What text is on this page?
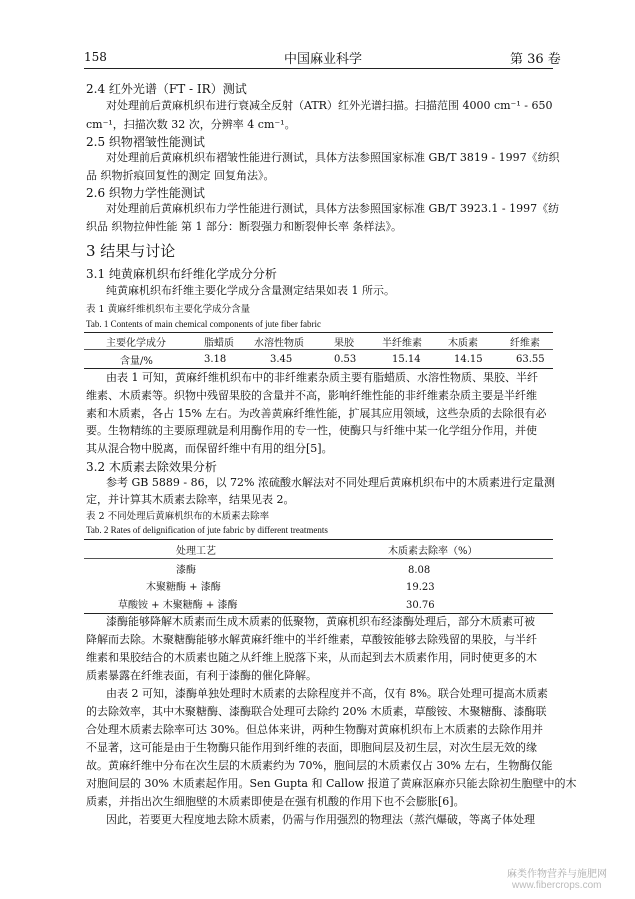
158	中国麻业科学	第 36 卷
2.4 红外光谱（FT - IR）测试
对处理前后黄麻机织布进行衰减全反射（ATR）红外光谱扫描。扫描范围 4000 cm⁻¹ - 650
cm⁻¹，扫描次数 32 次，分辨率 4 cm⁻¹。
2.5 织物褶皱性能测试
对处理前后黄麻机织布褶皱性能进行测试，具体方法参照国家标准 GB/T 3819 - 1997《纺织
品 织物折痕回复性的测定 回复角法》。
2.6 织物力学性能测试
对处理前后黄麻机织布力学性能进行测试，具体方法参照国家标准 GB/T 3923.1 - 1997《纺
织品 织物拉伸性能 第 1 部分：断裂强力和断裂伸长率 条样法》。
3 结果与讨论
3.1 纯黄麻机织布纤维化学成分分析
纯黄麻机织布纤维主要化学成分含量测定结果如表 1 所示。
表 1 黄麻纤维机织布主要化学成分含量
Tab. 1 Contents of main chemical components of jute fiber fabric
主要化学成分	脂蜡质 水溶性物质	果胶	半纤维素	木质素	纤维素
含量/%	3.18	3.45	0.53	15.14	14.15	63.55
由表 1 可知，黄麻纤维机织布中的非纤维素杂质主要有脂蜡质、水溶性物质、果胶、半纤
维素、木质素等。织物中残留果胶的含量并不高，影响纤维性能的非纤维素杂质主要是半纤维
素和木质素，各占 15% 左右。为改善黄麻纤维性能，扩展其应用领域，这些杂质的去除很有必
要。生物精练的主要原理就是利用酶作用的专一性，使酶只与纤维中某一化学组分作用，并使
其从混合物中脱离，而保留纤维中有用的组分[5]。
3.2 木质素去除效果分析
参考 GB 5889 - 86，以 72% 浓硫酸水解法对不同处理后黄麻机织布中的木质素进行定量测
定，并计算其木质素去除率，结果见表 2。
表 2 不同处理后黄麻机织布的木质素去除率
Tab. 2 Rates of delignification of jute fabric by different treatments
处理工艺	木质素去除率（%）
漆酶	8.08
木聚糖酶 + 漆酶	19.23
草酸铵 + 木聚糖酶 + 漆酶	30.76
漆酶能够降解木质素而生成木质素的低聚物，黄麻机织布经漆酶处理后，部分木质素可被
降解而去除。木聚糖酶能够水解黄麻纤维中的半纤维素，草酸铵能够去除残留的果胶，与半纤
维素和果胶结合的木质素也随之从纤维上脱落下来，从而起到去木质素作用，同时使更多的木
质素暴露在纤维表面，有利于漆酶的催化降解。
由表 2 可知，漆酶单独处理时木质素的去除程度并不高，仅有 8%。联合处理可提高木质素
的去除效率，其中木聚糖酶、漆酶联合处理可去除约 20% 木质素，草酸铵、木聚糖酶、漆酶联
合处理木质素去除率可达 30%。但总体来讲，两种生物酶对黄麻机织布上木质素的去除作用并
不显著，这可能是由于生物酶只能作用到纤维的表面，即胞间层及初生层，对次生层无效的缘
故。黄麻纤维中分布在次生层的木质素约为 70%，胞间层的木质素仅占 30% 左右，生物酶仅能
对胞间层的 30% 木质素起作用。Sen Gupta 和 Callow 报道了黄麻沤麻亦只能去除初生胞壁中的木
质素，并指出次生细胞壁的木质素即使是在强有机酸的作用下也不会膨胀[6]。
因此，若要更大程度地去除木质素，仍需与作用强烈的物理法（蒸汽爆破，等离子体处理
麻类作物营养与施肥网
www.fibercrops.com
